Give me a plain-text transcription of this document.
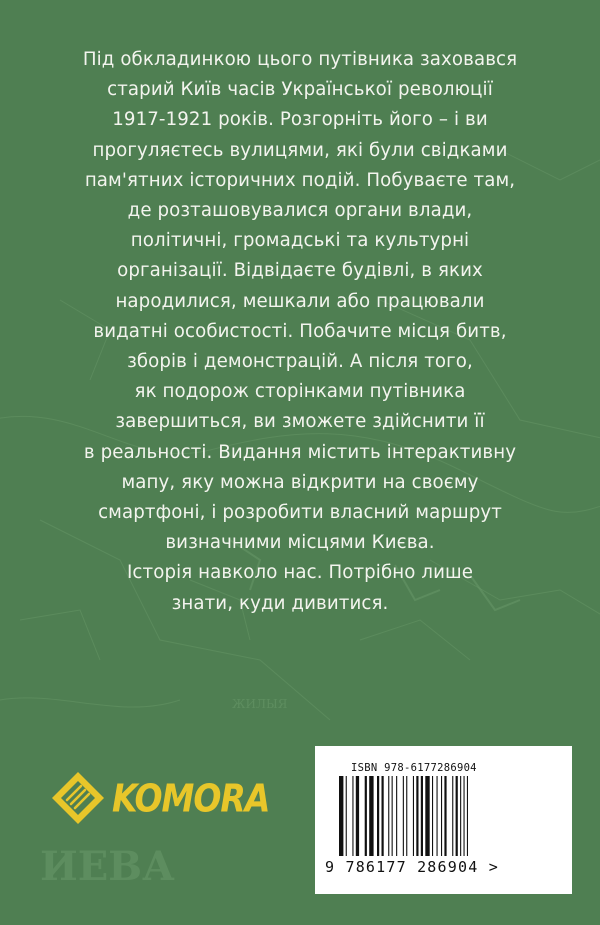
ЖИЛЫЯ
ИЕВА
Під обкладинкою цього путівника заховався
старий Київ часів Української революції
1917-1921 років. Розгорніть його – і ви
прогуляєтесь вулицями, які були свідками
пам'ятних історичних подій. Побуваєте там,
де розташовувалися органи влади,
політичні, громадські та культурні
організації. Відвідаєте будівлі, в яких
народилися, мешкали або працювали
видатні особистості. Побачите місця битв,
зборів і демонстрацій. А після того,
як подорож сторінками путівника
завершиться, ви зможете здійснити її
в реальності. Видання містить інтерактивну
мапу, яку можна відкрити на своєму
смартфоні, і розробити власний маршрут
визначними місцями Києва.
Історія навколо нас. Потрібно лише
знати, куди дивитися.
KOMORA
ISBN 978-6177286904
9 786177 286904 >
